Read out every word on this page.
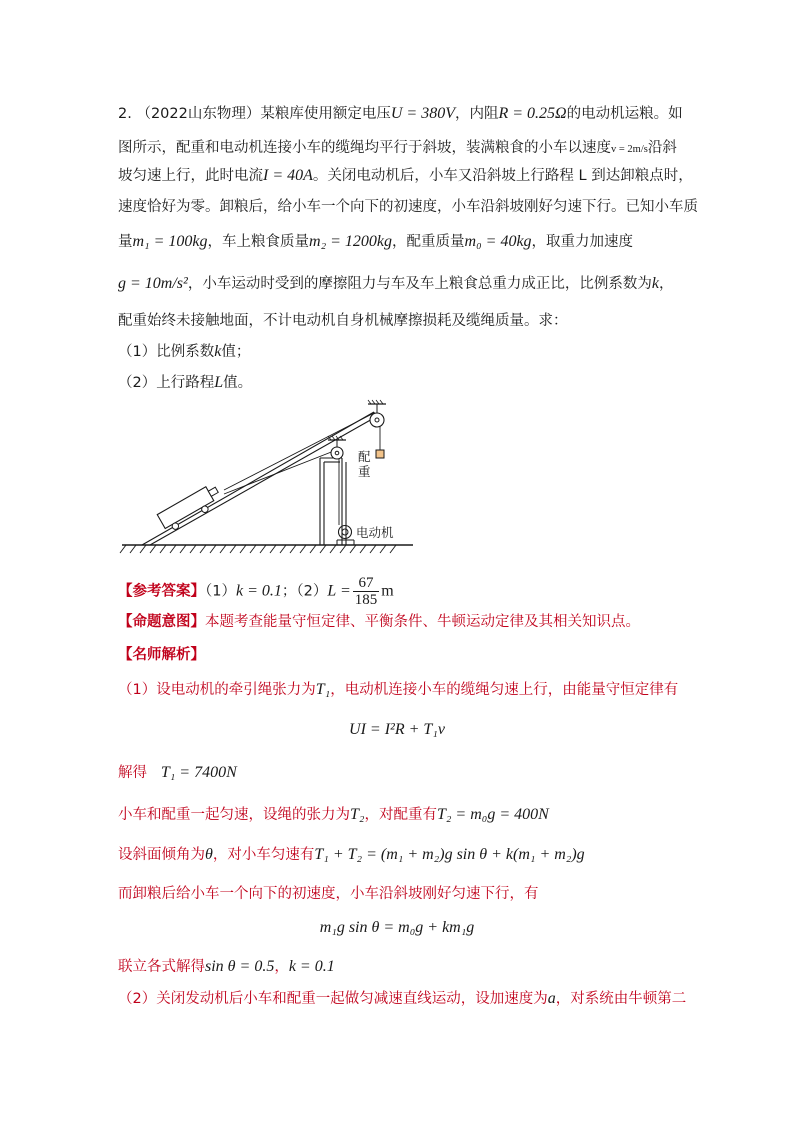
2. （2022山东物理）某粮库使用额定电压U = 380V，内阻R = 0.25Ω的电动机运粮。如
图所示，配重和电动机连接小车的缆绳均平行于斜坡，装满粮食的小车以速度v = 2m/s沿斜
坡匀速上行，此时电流I = 40A。关闭电动机后，小车又沿斜坡上行路程 L 到达卸粮点时，
速度恰好为零。卸粮后，给小车一个向下的初速度，小车沿斜坡刚好匀速下行。已知小车质
量m₁ = 100kg，车上粮食质量m₂ = 1200kg，配重质量m₀ = 40kg，取重力加速度
g = 10m/s²，小车运动时受到的摩擦阻力与车及车上粮食总重力成正比，比例系数为k，
配重始终未接触地面，不计电动机自身机械摩擦损耗及缆绳质量。求：
（1）比例系数k值；
（2）上行路程L值。
配
重
电动机
【参考答案】（1）k = 0.1；$(2)L = \frac{67}{185}$ m
【命题意图】本题考查能量守恒定律、平衡条件、牛顿运动定律及其相关知识点。
【名师解析】
（1）设电动机的牵引绳张力为T₁，电动机连接小车的缆绳匀速上行，由能量守恒定律有
UI = I²R + T₁v
解得 T₁ = 7400N
小车和配重一起匀速，设绳的张力为T₂，对配重有T₂ = m₀g = 400N
设斜面倾角为θ，对小车匀速有T₁ + T₂ = (m₁ + m₂)g sin θ + k(m₁ + m₂)g
而卸粮后给小车一个向下的初速度，小车沿斜坡刚好匀速下行，有
m₁g sin θ = m₀g + km₁g
联立各式解得sin θ = 0.5，k = 0.1
（2）关闭发动机后小车和配重一起做匀减速直线运动，设加速度为a，对系统由牛顿第二
